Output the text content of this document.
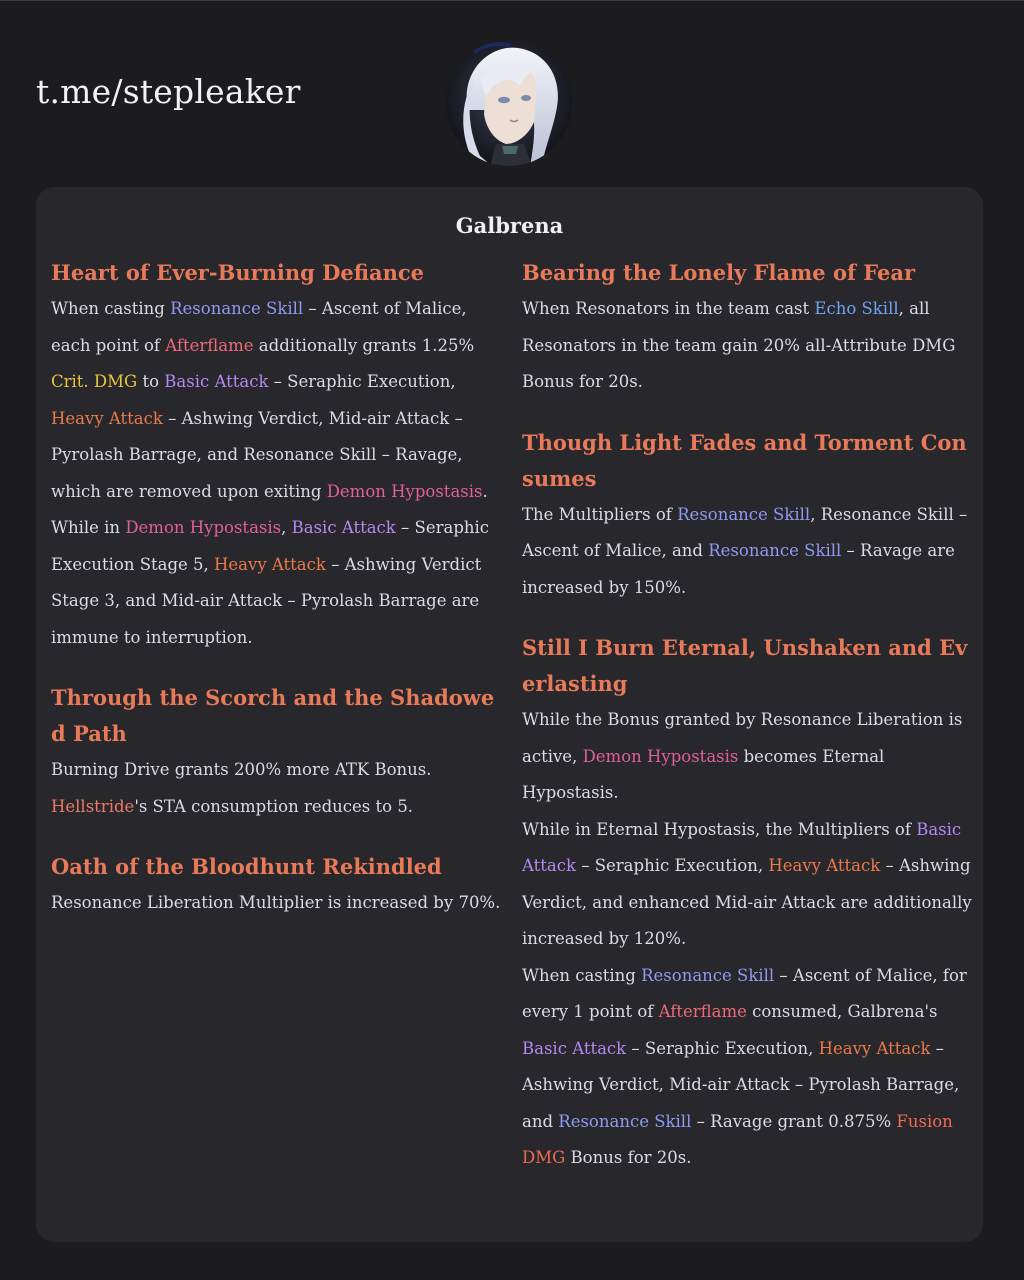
t.me/stepleaker
Galbrena
Heart of Ever-Burning Defiance

When casting Resonance Skill – Ascent of Malice, each point of Afterflame additionally grants 1.25% Crit. DMG to Basic Attack – Seraphic Execution, Heavy Attack – Ashwing Verdict, Mid-air Attack – Pyrolash Barrage, and Resonance Skill – Ravage, which are removed upon exiting Demon Hypostasis.

While in Demon Hypostasis, Basic Attack – Seraphic Execution Stage 5, Heavy Attack – Ashwing Verdict Stage 3, and Mid-air Attack – Pyrolash Barrage are immune to interruption.

Through the Scorch and the Shadowed Path

Burning Drive grants 200% more ATK Bonus.

Hellstride's STA consumption reduces to 5.

Oath of the Bloodhunt Rekindled

Resonance Liberation Multiplier is increased by 70%.

Bearing the Lonely Flame of Fear

When Resonators in the team cast Echo Skill, all Resonators in the team gain 20% all-Attribute DMG Bonus for 20s.

Though Light Fades and Torment Consumes

The Multipliers of Resonance Skill, Resonance Skill – Ascent of Malice, and Resonance Skill – Ravage are increased by 150%.

Still I Burn Eternal, Unshaken and Everlasting

While the Bonus granted by Resonance Liberation is active, Demon Hypostasis becomes Eternal Hypostasis.

While in Eternal Hypostasis, the Multipliers of Basic Attack – Seraphic Execution, Heavy Attack – Ashwing Verdict, and enhanced Mid-air Attack are additionally increased by 120%.

When casting Resonance Skill – Ascent of Malice, for every 1 point of Afterflame consumed, Galbrena's Basic Attack – Seraphic Execution, Heavy Attack – Ashwing Verdict, Mid-air Attack – Pyrolash Barrage, and Resonance Skill – Ravage grant 0.875% Fusion DMG Bonus for 20s.
